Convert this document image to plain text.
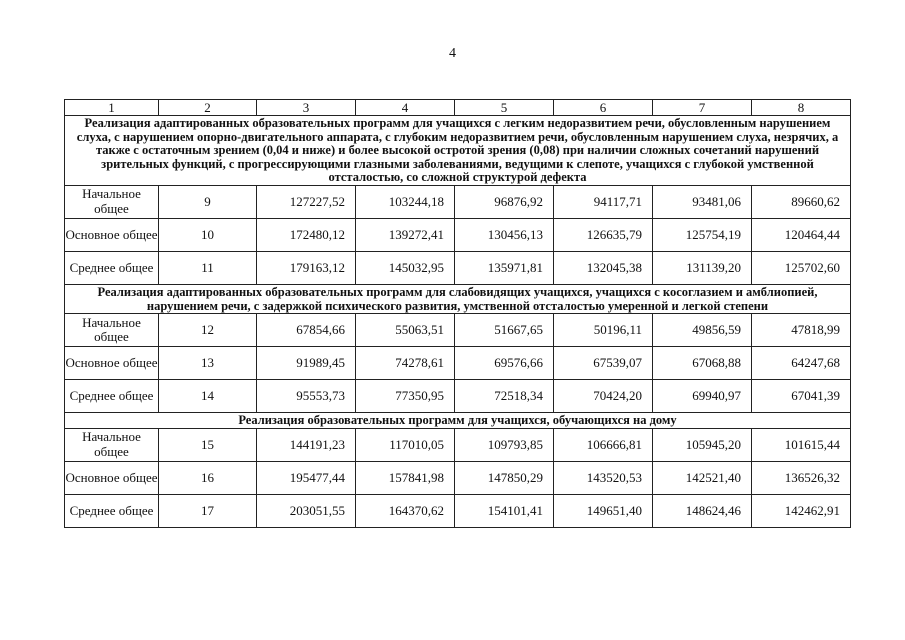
4
1	2	3	4	5	6	7	8
Реализация адаптированных образовательных программ для учащихся с легким недоразвитием речи, обусловленным нарушением слуха, с нарушением опорно-двигательного аппарата, с глубоким недоразвитием речи, обусловленным нарушением слуха, незрячих, а также с остаточным зрением (0,04 и ниже) и более высокой остротой зрения (0,08) при наличии сложных сочетаний нарушений зрительных функций, с прогрессирующими глазными заболеваниями, ведущими к слепоте, учащихся с глубокой умственной отсталостью, со сложной структурой дефекта							
Начальное общее	9	127227,52	103244,18	96876,92	94117,71	93481,06	89660,62
Основное общее	10	172480,12	139272,41	130456,13	126635,79	125754,19	120464,44
Среднее общее	11	179163,12	145032,95	135971,81	132045,38	131139,20	125702,60
Реализация адаптированных образовательных программ для слабовидящих учащихся, учащихся с косоглазием и амблиопией, нарушением речи, с задержкой психического развития, умственной отсталостью умеренной и легкой степени							
Начальное общее	12	67854,66	55063,51	51667,65	50196,11	49856,59	47818,99
Основное общее	13	91989,45	74278,61	69576,66	67539,07	67068,88	64247,68
Среднее общее	14	95553,73	77350,95	72518,34	70424,20	69940,97	67041,39
Реализация образовательных программ для учащихся, обучающихся на дому							
Начальное общее	15	144191,23	117010,05	109793,85	106666,81	105945,20	101615,44
Основное общее	16	195477,44	157841,98	147850,29	143520,53	142521,40	136526,32
Среднее общее	17	203051,55	164370,62	154101,41	149651,40	148624,46	142462,91
